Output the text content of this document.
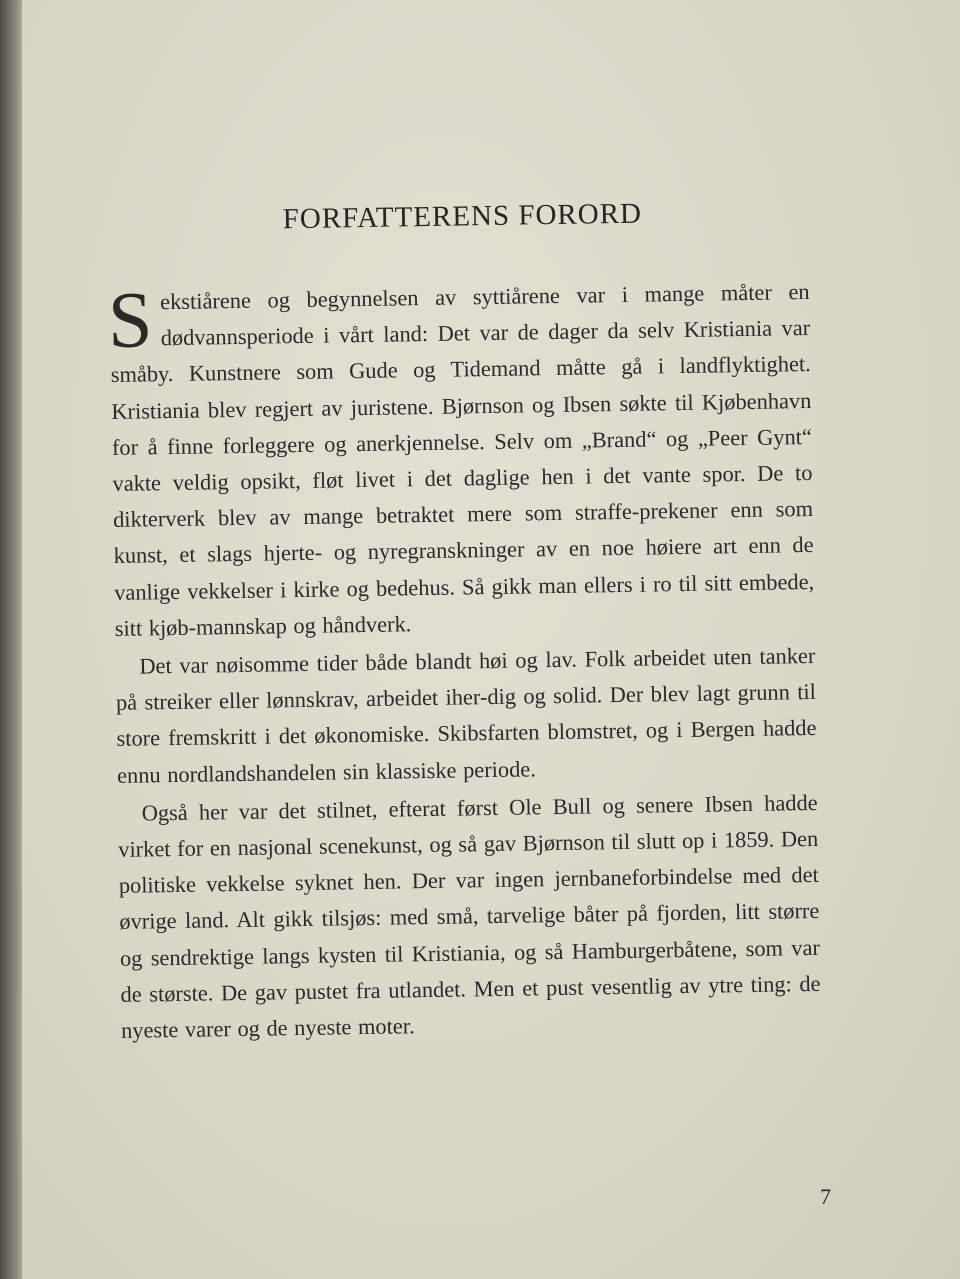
FORFATTERENS FORORD

Sekstiårene og begynnelsen av syttiårene var i mange måter en dødvannsperiode i vårt land: Det var de dager da selv Kristiania var småby. Kunstnere som Gude og Tidemand måtte gå i landflyktighet. Kristiania blev regjert av juristene. Bjørnson og Ibsen søkte til Kjøbenhavn for å finne forleggere og anerkjennelse. Selv om „Brand“ og „Peer Gynt“ vakte veldig opsikt, fløt livet i det daglige hen i det vante spor. De to dikterverk blev av mange betraktet mere som straffe-prekener enn som kunst, et slags hjerte- og nyregranskninger av en noe høiere art enn de vanlige vekkelser i kirke og bedehus. Så gikk man ellers i ro til sitt embede, sitt kjøb-mannskap og håndverk.

Det var nøisomme tider både blandt høi og lav. Folk arbeidet uten tanker på streiker eller lønnskrav, arbeidet iher-dig og solid. Der blev lagt grunn til store fremskritt i det økonomiske. Skibsfarten blomstret, og i Bergen hadde ennu nordlandshandelen sin klassiske periode.

Også her var det stilnet, efterat først Ole Bull og senere Ibsen hadde virket for en nasjonal scenekunst, og så gav Bjørnson til slutt op i 1859. Den politiske vekkelse syknet hen. Der var ingen jernbaneforbindelse med det øvrige land. Alt gikk tilsjøs: med små, tarvelige båter på fjorden, litt større og sendrektige langs kysten til Kristiania, og så Hamburgerbåtene, som var de største. De gav pustet fra utlandet. Men et pust vesentlig av ytre ting: de nyeste varer og de nyeste moter.

7
